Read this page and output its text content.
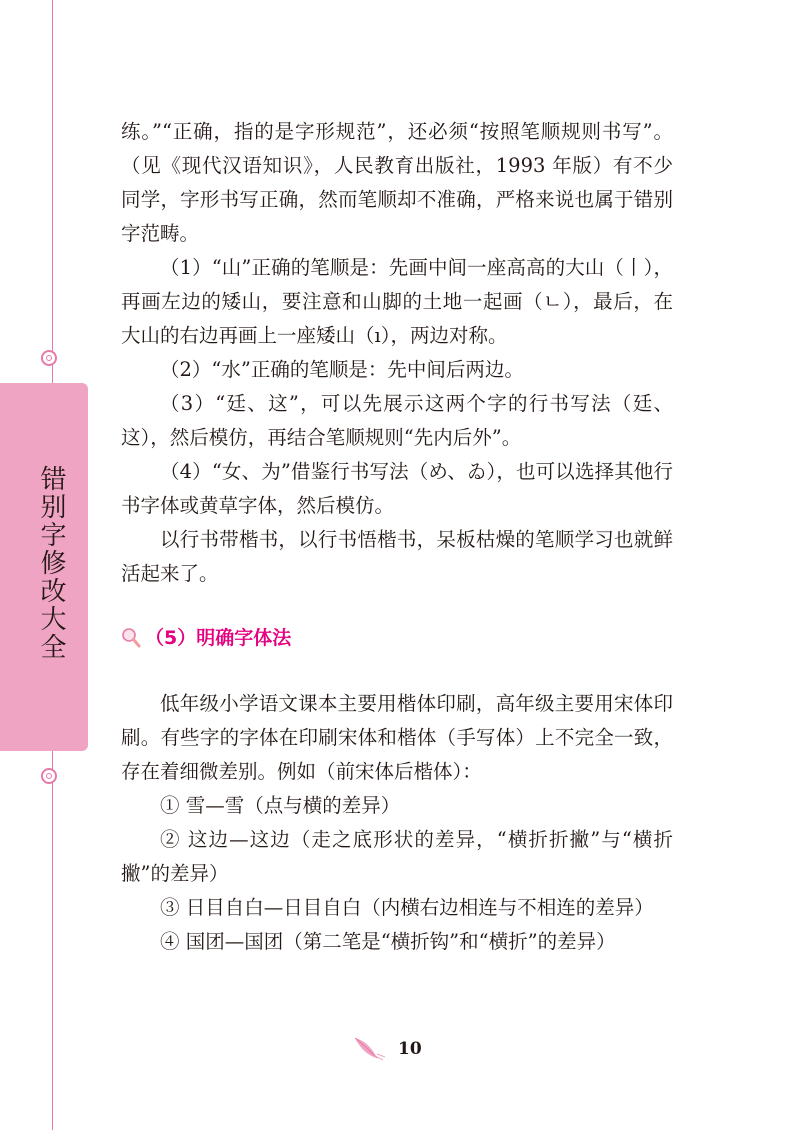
错别字修改大全

练。”“正确，指的是字形规范”，还必须“按照笔顺规则书写”。（见《现代汉语知识》，人民教育出版社，1993 年版）有不少同学，字形书写正确，然而笔顺却不准确，严格来说也属于错别字范畴。

（1）“山”正确的笔顺是：先画中间一座高高的大山（丨），再画左边的矮山，要注意和山脚的土地一起画（ㄴ），最后，在大山的右边再画上一座矮山（ı），两边对称。

（2）“水”正确的笔顺是：先中间后两边。

（3）“廷、这”，可以先展示这两个字的行书写法（廷、这），然后模仿，再结合笔顺规则“先内后外”。

（4）“女、为”借鉴行书写法（め、ゐ），也可以选择其他行书字体或黄草字体，然后模仿。

以行书带楷书，以行书悟楷书，呆板枯燥的笔顺学习也就鲜活起来了。

（5）明确字体法

低年级小学语文课本主要用楷体印刷，高年级主要用宋体印刷。有些字的字体在印刷宋体和楷体（手写体）上不完全一致，存在着细微差别。例如（前宋体后楷体）：

① 雪—雪（点与横的差异）

② 这边—这边（走之底形状的差异，“横折折撇”与“横折撇”的差异）

③ 日目自白—日目自白（内横右边相连与不相连的差异）

④ 国团—国团（第二笔是“横折钩”和“横折”的差异）

10
